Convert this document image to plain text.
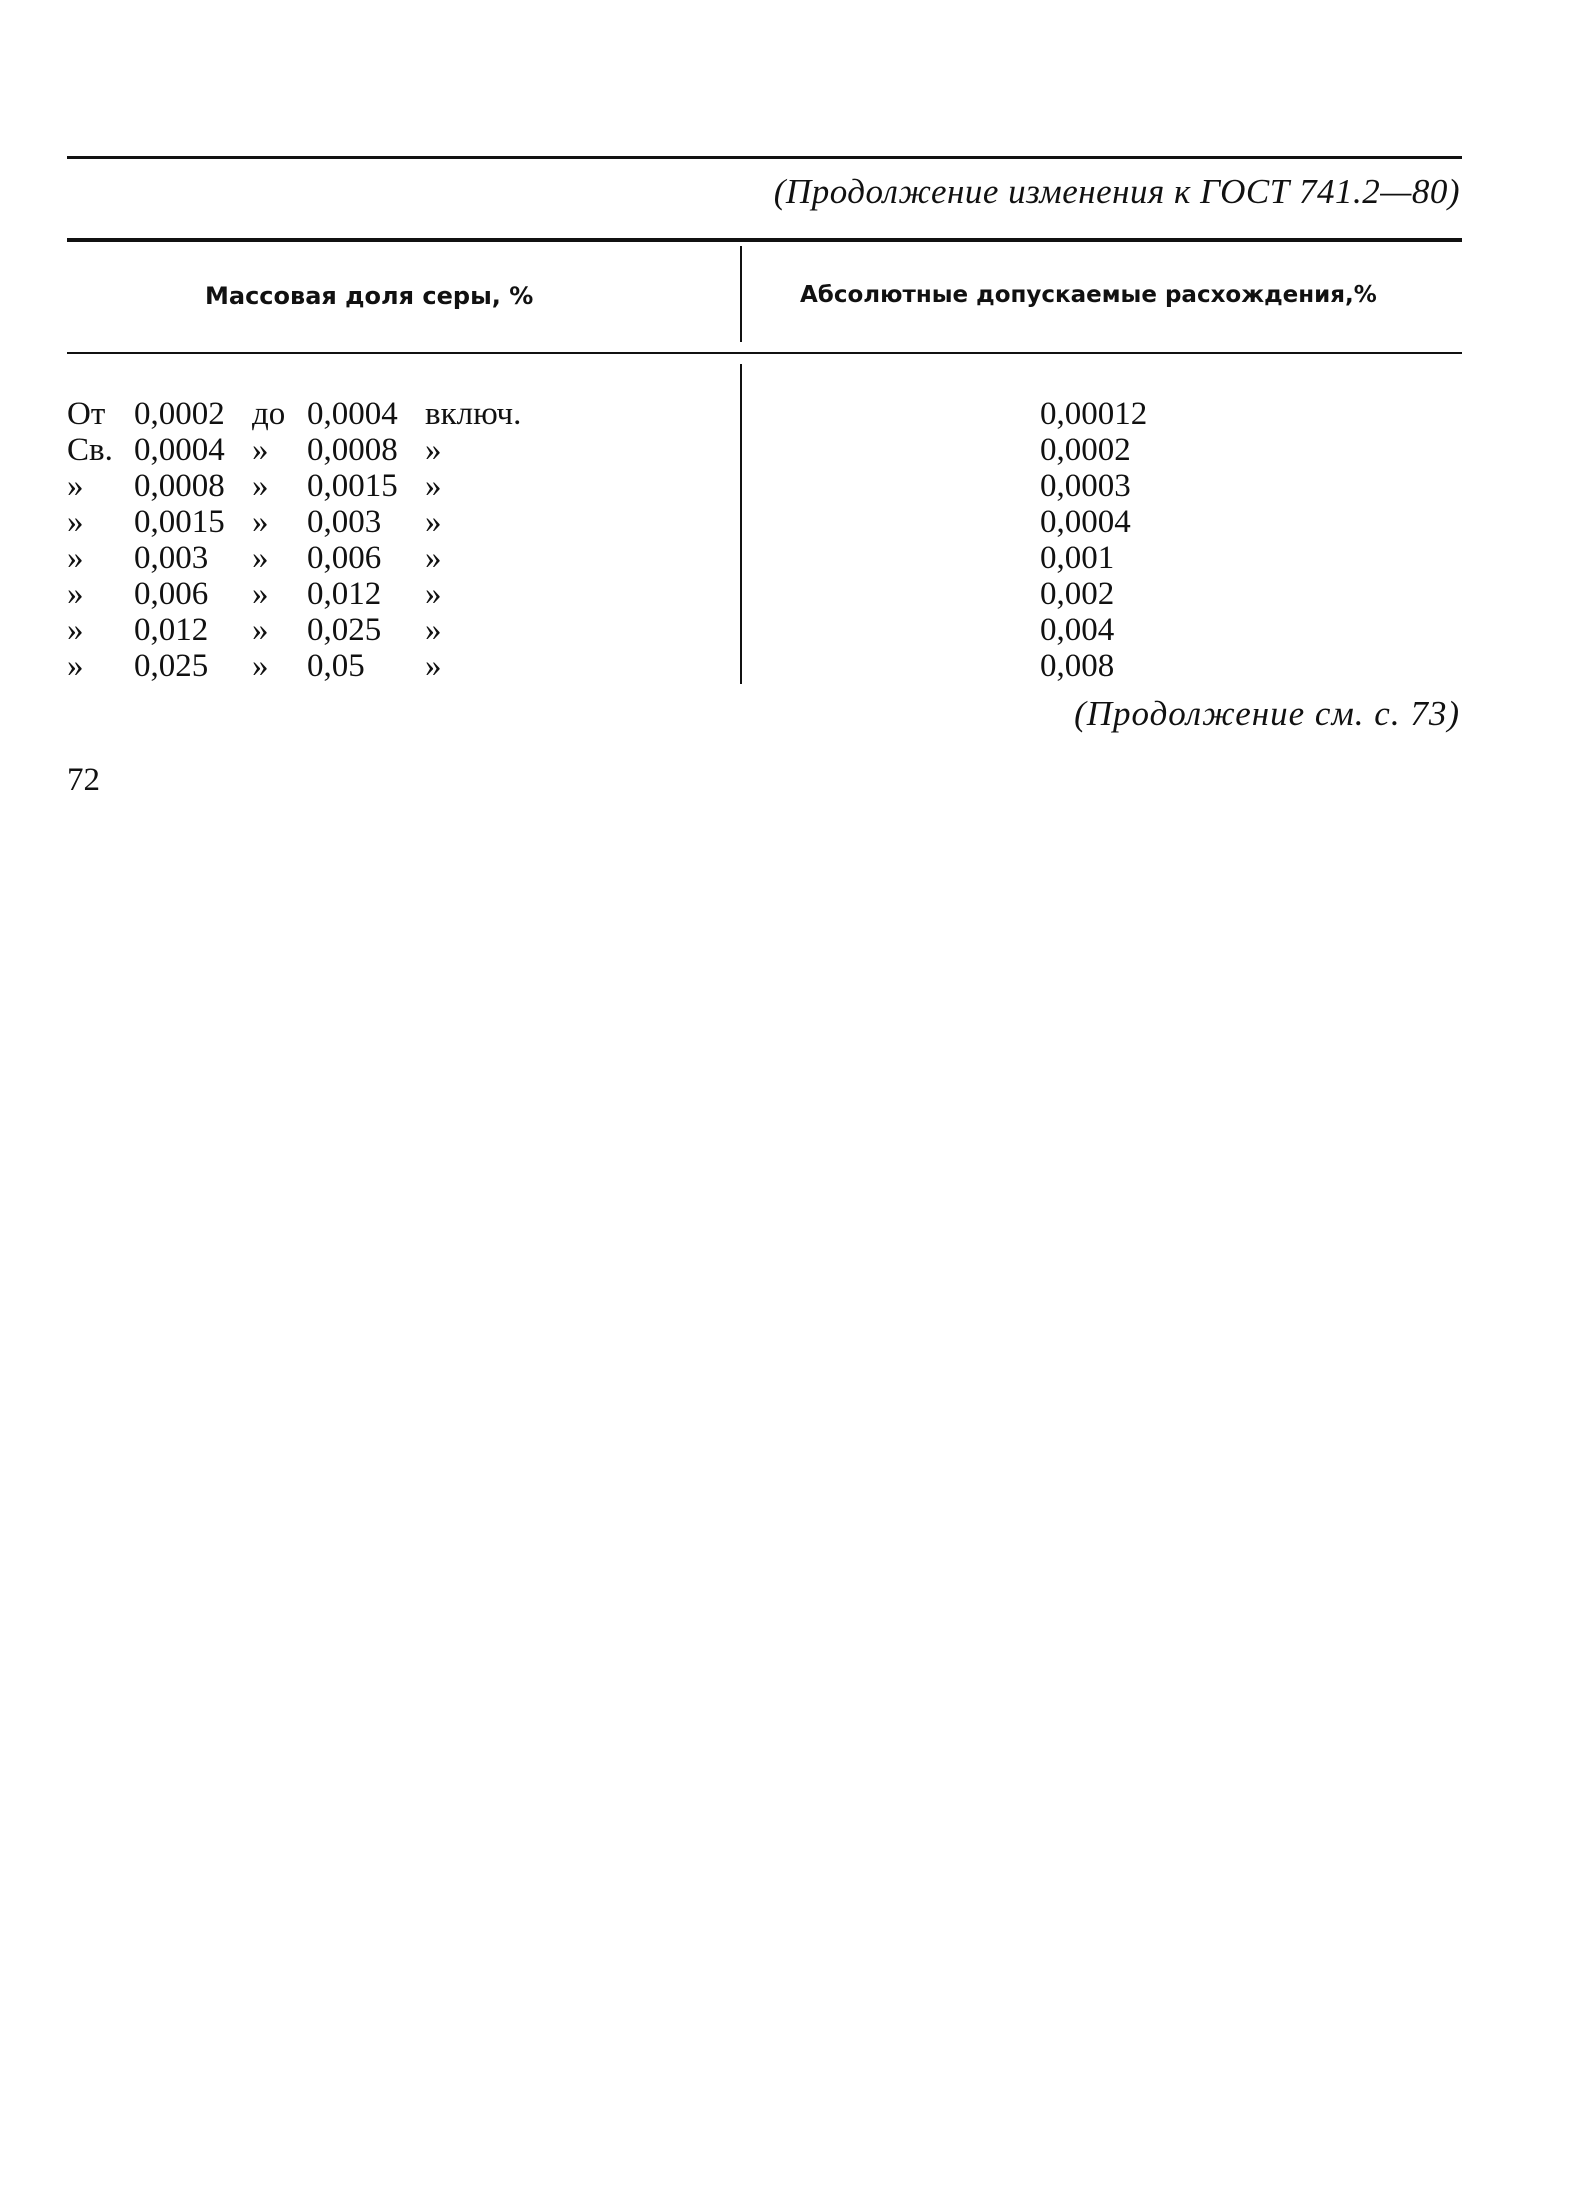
(Продолжение изменения к ГОСТ 741.2—80)
Массовая доля серы, %	Абсолютные допускаемые расхождения,%
От 0,0002 до 0,0004 включ.	0,00012
Св. 0,0004 » 0,0008 »	0,0002
» 0,0008 » 0,0015 »	0,0003
» 0,0015 » 0,003 »	0,0004
» 0,003 » 0,006 »	0,001
» 0,006 » 0,012 »	0,002
» 0,012 » 0,025 »	0,004
» 0,025 » 0,05 »	0,008
(Продолжение см. с. 73)
72
